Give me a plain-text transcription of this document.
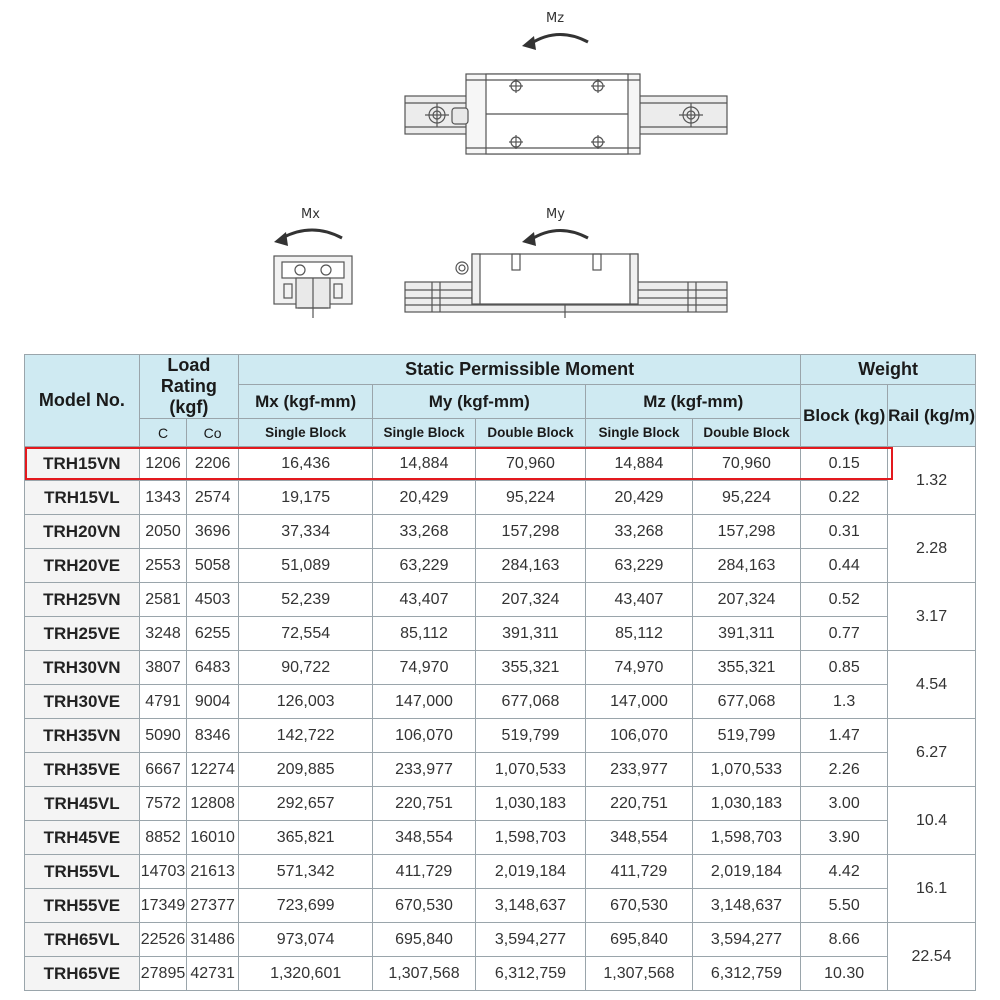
Mz
Mx	My
Model No.	Load Rating (kgf)		Static Permissible Moment					Weight	
			Mx (kgf-mm)	My (kgf-mm)		Mz (kgf-mm)		Block (kg)	Rail (kg/m)
	C	Co	Single Block	Single Block	Double Block	Single Block	Double Block		
TRH15VN	1206	2206	16,436	14,884	70,960	14,884	70,960	0.15	1.32
TRH15VL	1343	2574	19,175	20,429	95,224	20,429	95,224	0.22	
TRH20VN	2050	3696	37,334	33,268	157,298	33,268	157,298	0.31	2.28
TRH20VE	2553	5058	51,089	63,229	284,163	63,229	284,163	0.44	
TRH25VN	2581	4503	52,239	43,407	207,324	43,407	207,324	0.52	3.17
TRH25VE	3248	6255	72,554	85,112	391,311	85,112	391,311	0.77	
TRH30VN	3807	6483	90,722	74,970	355,321	74,970	355,321	0.85	4.54
TRH30VE	4791	9004	126,003	147,000	677,068	147,000	677,068	1.3	
TRH35VN	5090	8346	142,722	106,070	519,799	106,070	519,799	1.47	6.27
TRH35VE	6667	12274	209,885	233,977	1,070,533	233,977	1,070,533	2.26	
TRH45VL	7572	12808	292,657	220,751	1,030,183	220,751	1,030,183	3.00	10.4
TRH45VE	8852	16010	365,821	348,554	1,598,703	348,554	1,598,703	3.90	
TRH55VL	14703	21613	571,342	411,729	2,019,184	411,729	2,019,184	4.42	16.1
TRH55VE	17349	27377	723,699	670,530	3,148,637	670,530	3,148,637	5.50	
TRH65VL	22526	31486	973,074	695,840	3,594,277	695,840	3,594,277	8.66	22.54
TRH65VE	27895	42731	1,320,601	1,307,568	6,312,759	1,307,568	6,312,759	10.30	
